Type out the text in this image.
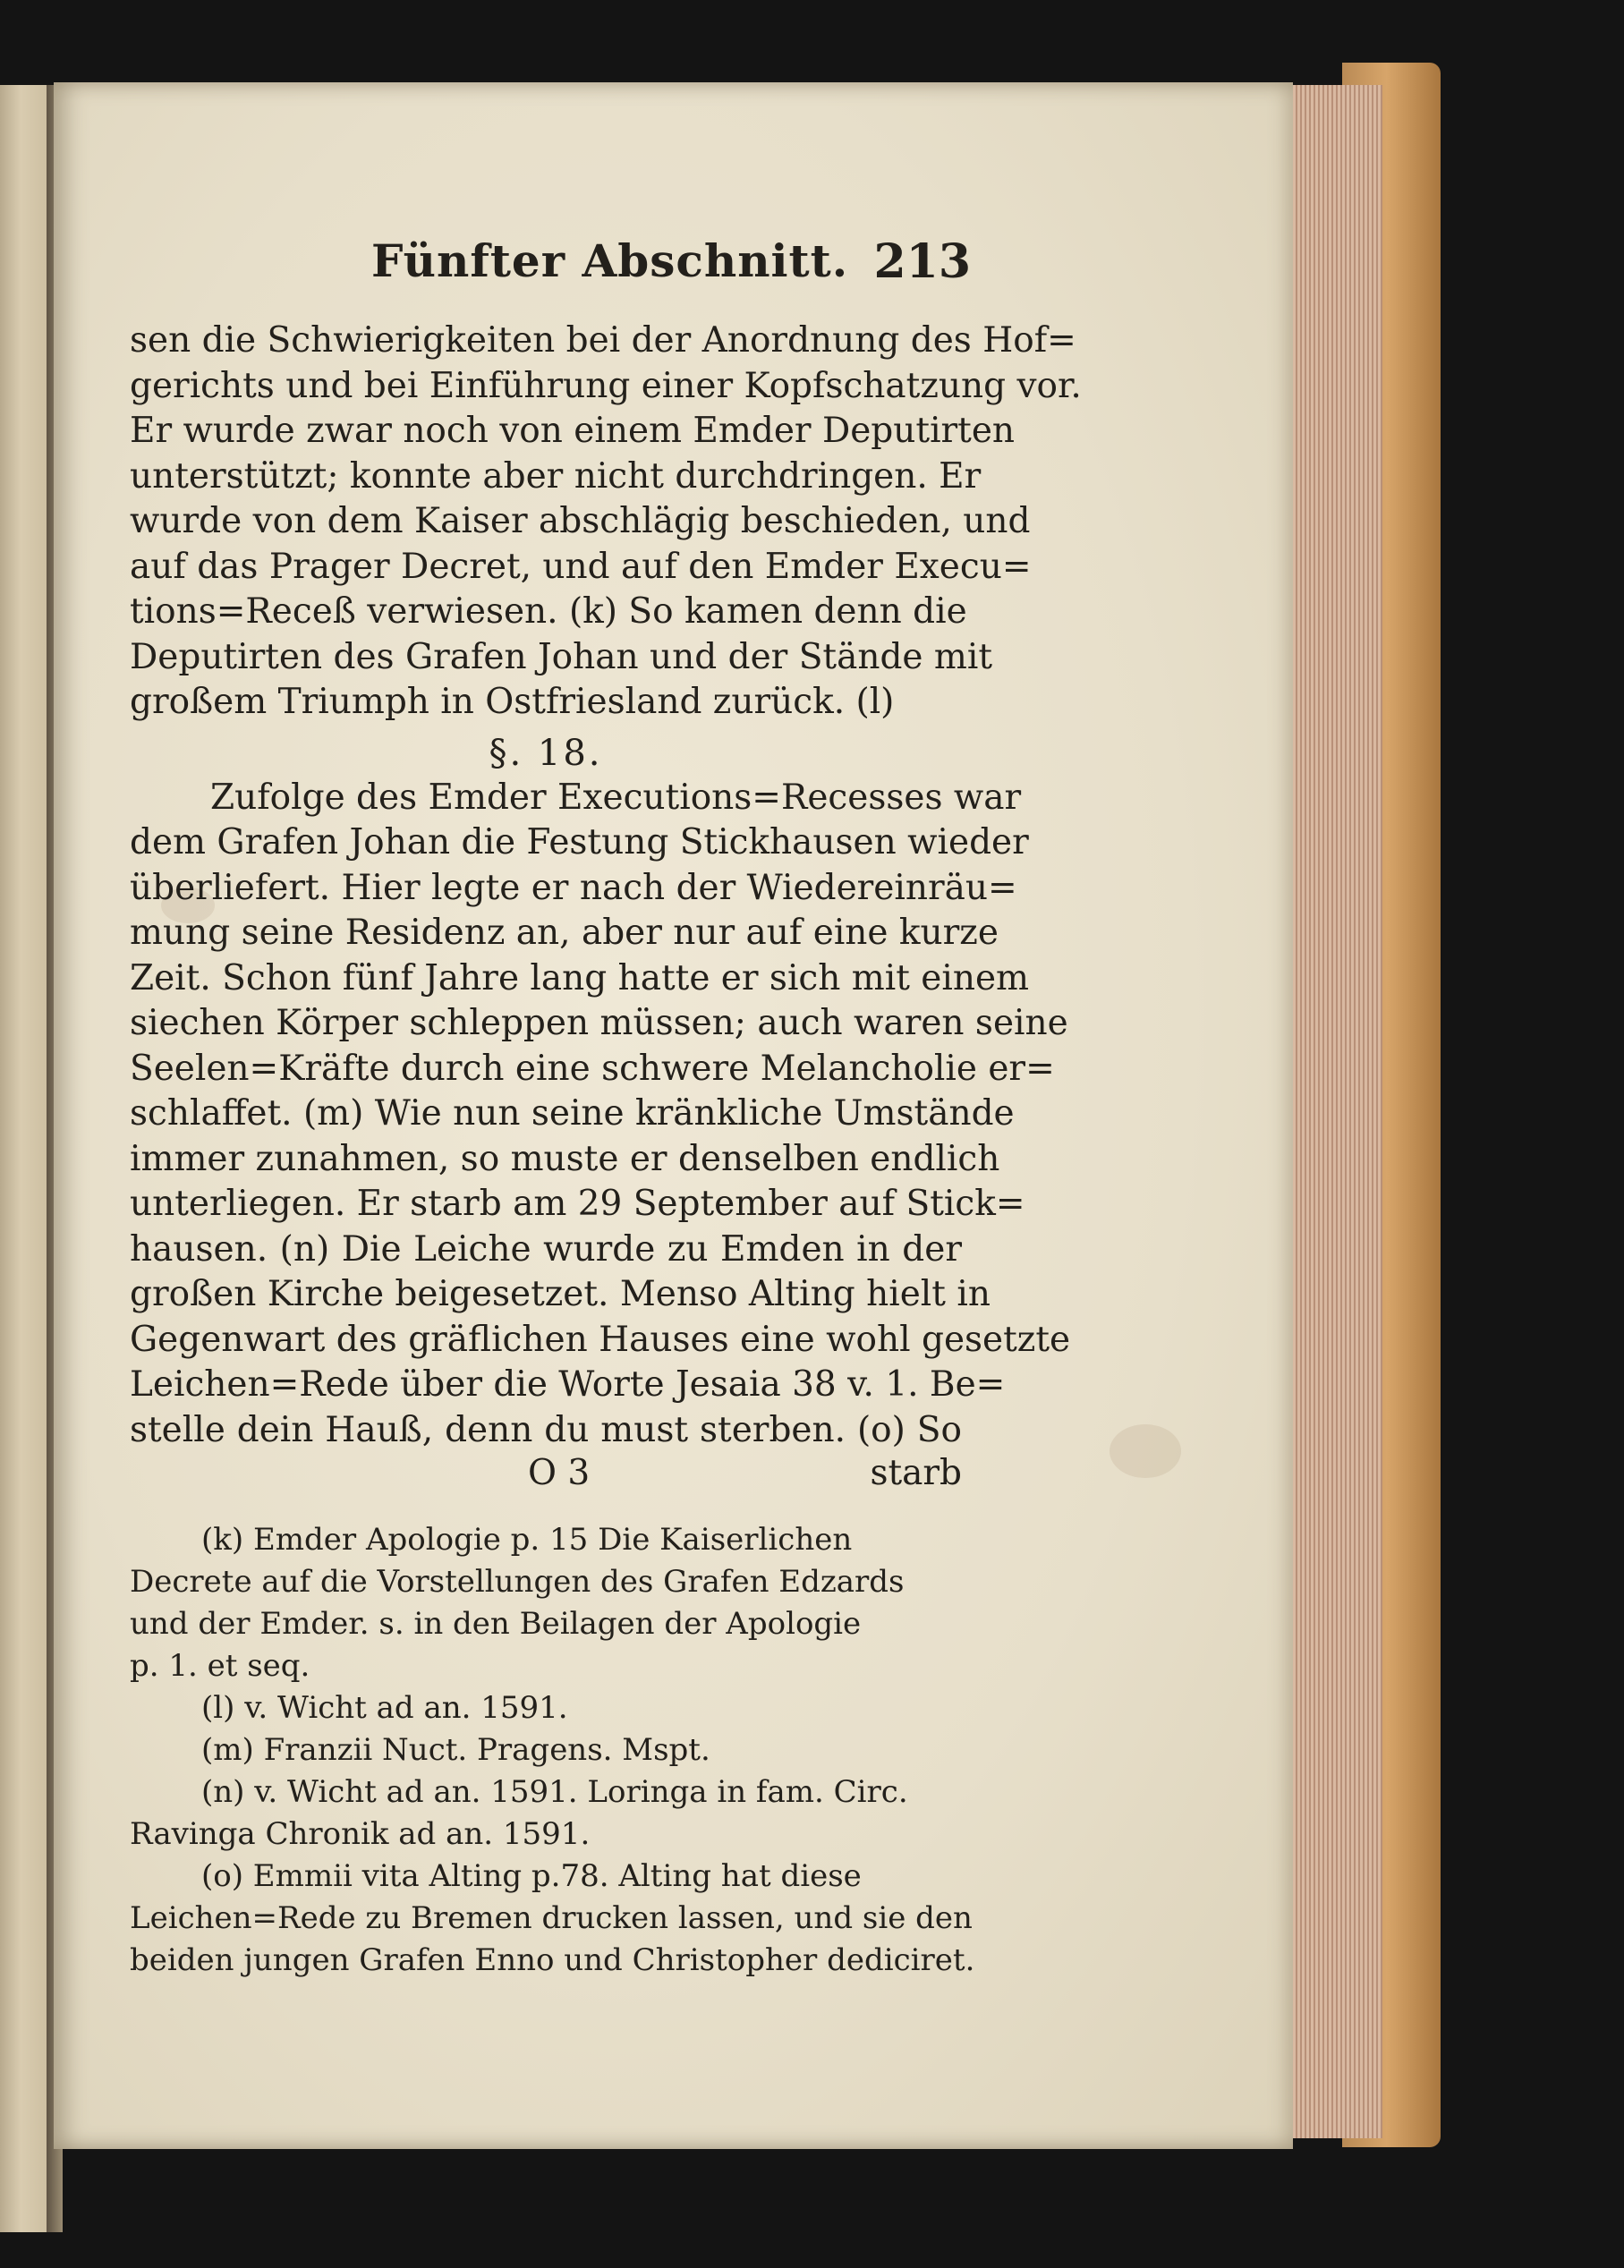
Fünfter Abschnitt. 213
sen die Schwierigkeiten bei der Anordnung des Hof=
gerichts und bei Einführung einer Kopfschatzung vor.
Er wurde zwar noch von einem Emder Deputirten
unterstützt; konnte aber nicht durchdringen. Er
wurde von dem Kaiser abschlägig beschieden, und
auf das Prager Decret, und auf den Emder Execu=
tions=Receß verwiesen. (k) So kamen denn die
Deputirten des Grafen Johan und der Stände mit
großem Triumph in Ostfriesland zurück. (l)
§. 18.
Zufolge des Emder Executions=Recesses war
dem Grafen Johan die Festung Stickhausen wieder
überliefert. Hier legte er nach der Wiedereinräu=
mung seine Residenz an, aber nur auf eine kurze
Zeit. Schon fünf Jahre lang hatte er sich mit einem
siechen Körper schleppen müssen; auch waren seine
Seelen=Kräfte durch eine schwere Melancholie er=
schlaffet. (m) Wie nun seine kränkliche Umstände
immer zunahmen, so muste er denselben endlich
unterliegen. Er starb am 29 September auf Stick=
hausen. (n) Die Leiche wurde zu Emden in der
großen Kirche beigesetzet. Menso Alting hielt in
Gegenwart des gräflichen Hauses eine wohl gesetzte
Leichen=Rede über die Worte Jesaia 38 v. 1. Be=
stelle dein Hauß, denn du must sterben. (o) So
O 3	starb
(k) Emder Apologie p. 15 Die Kaiserlichen
Decrete auf die Vorstellungen des Grafen Edzards
und der Emder. s. in den Beilagen der Apologie
p. 1. et seq.
(l) v. Wicht ad an. 1591.
(m) Franzii Nuct. Pragens. Mspt.
(n) v. Wicht ad an. 1591. Loringa in fam. Circ.
Ravinga Chronik ad an. 1591.
(o) Emmii vita Alting p.78. Alting hat diese
Leichen=Rede zu Bremen drucken lassen, und sie den
beiden jungen Grafen Enno und Christopher dediciret.
